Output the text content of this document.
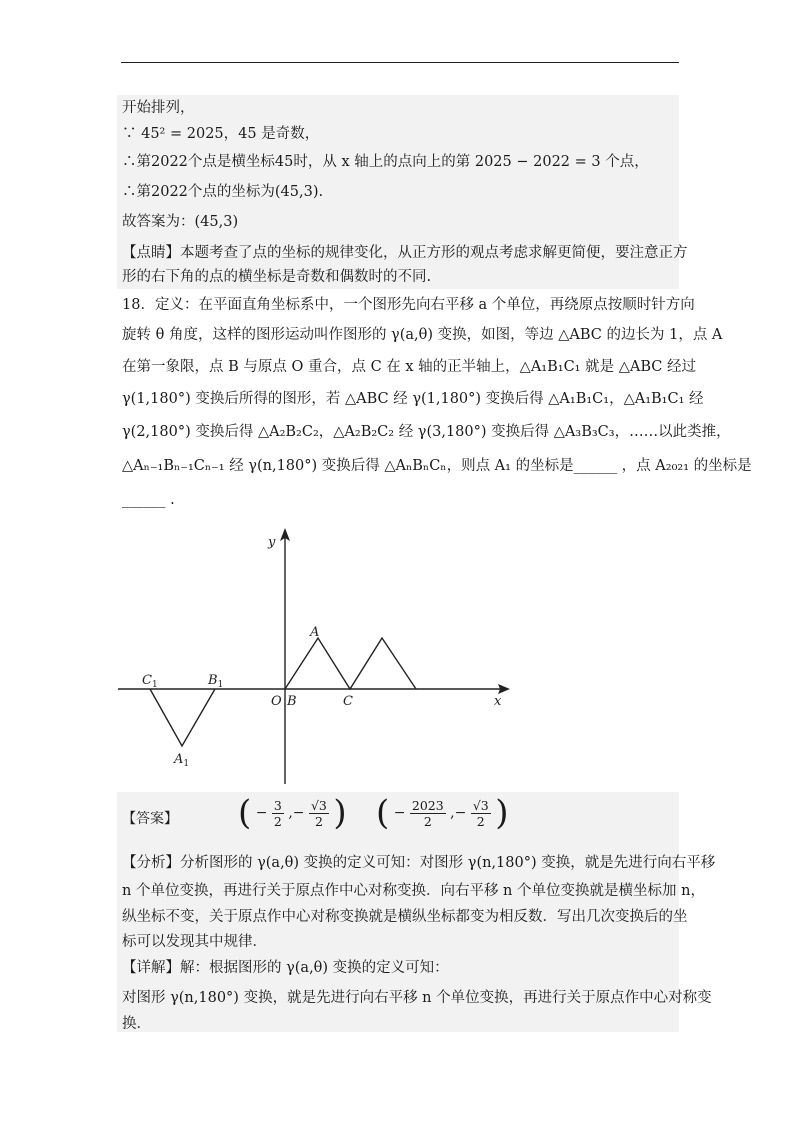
开始排列，
∵ 45² = 2025，45 是奇数，
∴第2022个点是横坐标45时，从 x 轴上的点向上的第 2025 − 2022 = 3 个点，
∴第2022个点的坐标为(45,3).
故答案为：(45,3)
【点睛】本题考查了点的坐标的规律变化，从正方形的观点考虑求解更简便，要注意正方
形的右下角的点的横坐标是奇数和偶数时的不同.
18．定义：在平面直角坐标系中，一个图形先向右平移 a 个单位，再绕原点按顺时针方向
旋转 θ 角度，这样的图形运动叫作图形的 γ(a,θ) 变换，如图，等边 △ABC 的边长为 1，点 A
在第一象限，点 B 与原点 O 重合，点 C 在 x 轴的正半轴上，△A₁B₁C₁ 就是 △ABC 经过
γ(1,180°) 变换后所得的图形，若 △ABC 经 γ(1,180°) 变换后得 △A₁B₁C₁，△A₁B₁C₁ 经
γ(2,180°) 变换后得 △A₂B₂C₂，△A₂B₂C₂ 经 γ(3,180°) 变换后得 △A₃B₃C₃，……以此类推，
△Aₙ₋₁Bₙ₋₁Cₙ₋₁ 经 γ(n,180°) 变换后得 △AₙBₙCₙ，则点 A₁ 的坐标是______ ，点 A₂₀₂₁ 的坐标是
______ .
y
x
A
O B	C
$C_1$	$B_1$
$A_1$
【答案】 ( − $\frac{3}{2}$ ,− $\frac{√3}{2}$ ) ( − $\frac{2023}{2}$ ,− $\frac{√3}{2}$ )
【分析】分析图形的 γ(a,θ) 变换的定义可知：对图形 γ(n,180°) 变换，就是先进行向右平移
n 个单位变换，再进行关于原点作中心对称变换．向右平移 n 个单位变换就是横坐标加 n，
纵坐标不变，关于原点作中心对称变换就是横纵坐标都变为相反数．写出几次变换后的坐
标可以发现其中规律．
【详解】解：根据图形的 γ(a,θ) 变换的定义可知：
对图形 γ(n,180°) 变换，就是先进行向右平移 n 个单位变换，再进行关于原点作中心对称变
换．
